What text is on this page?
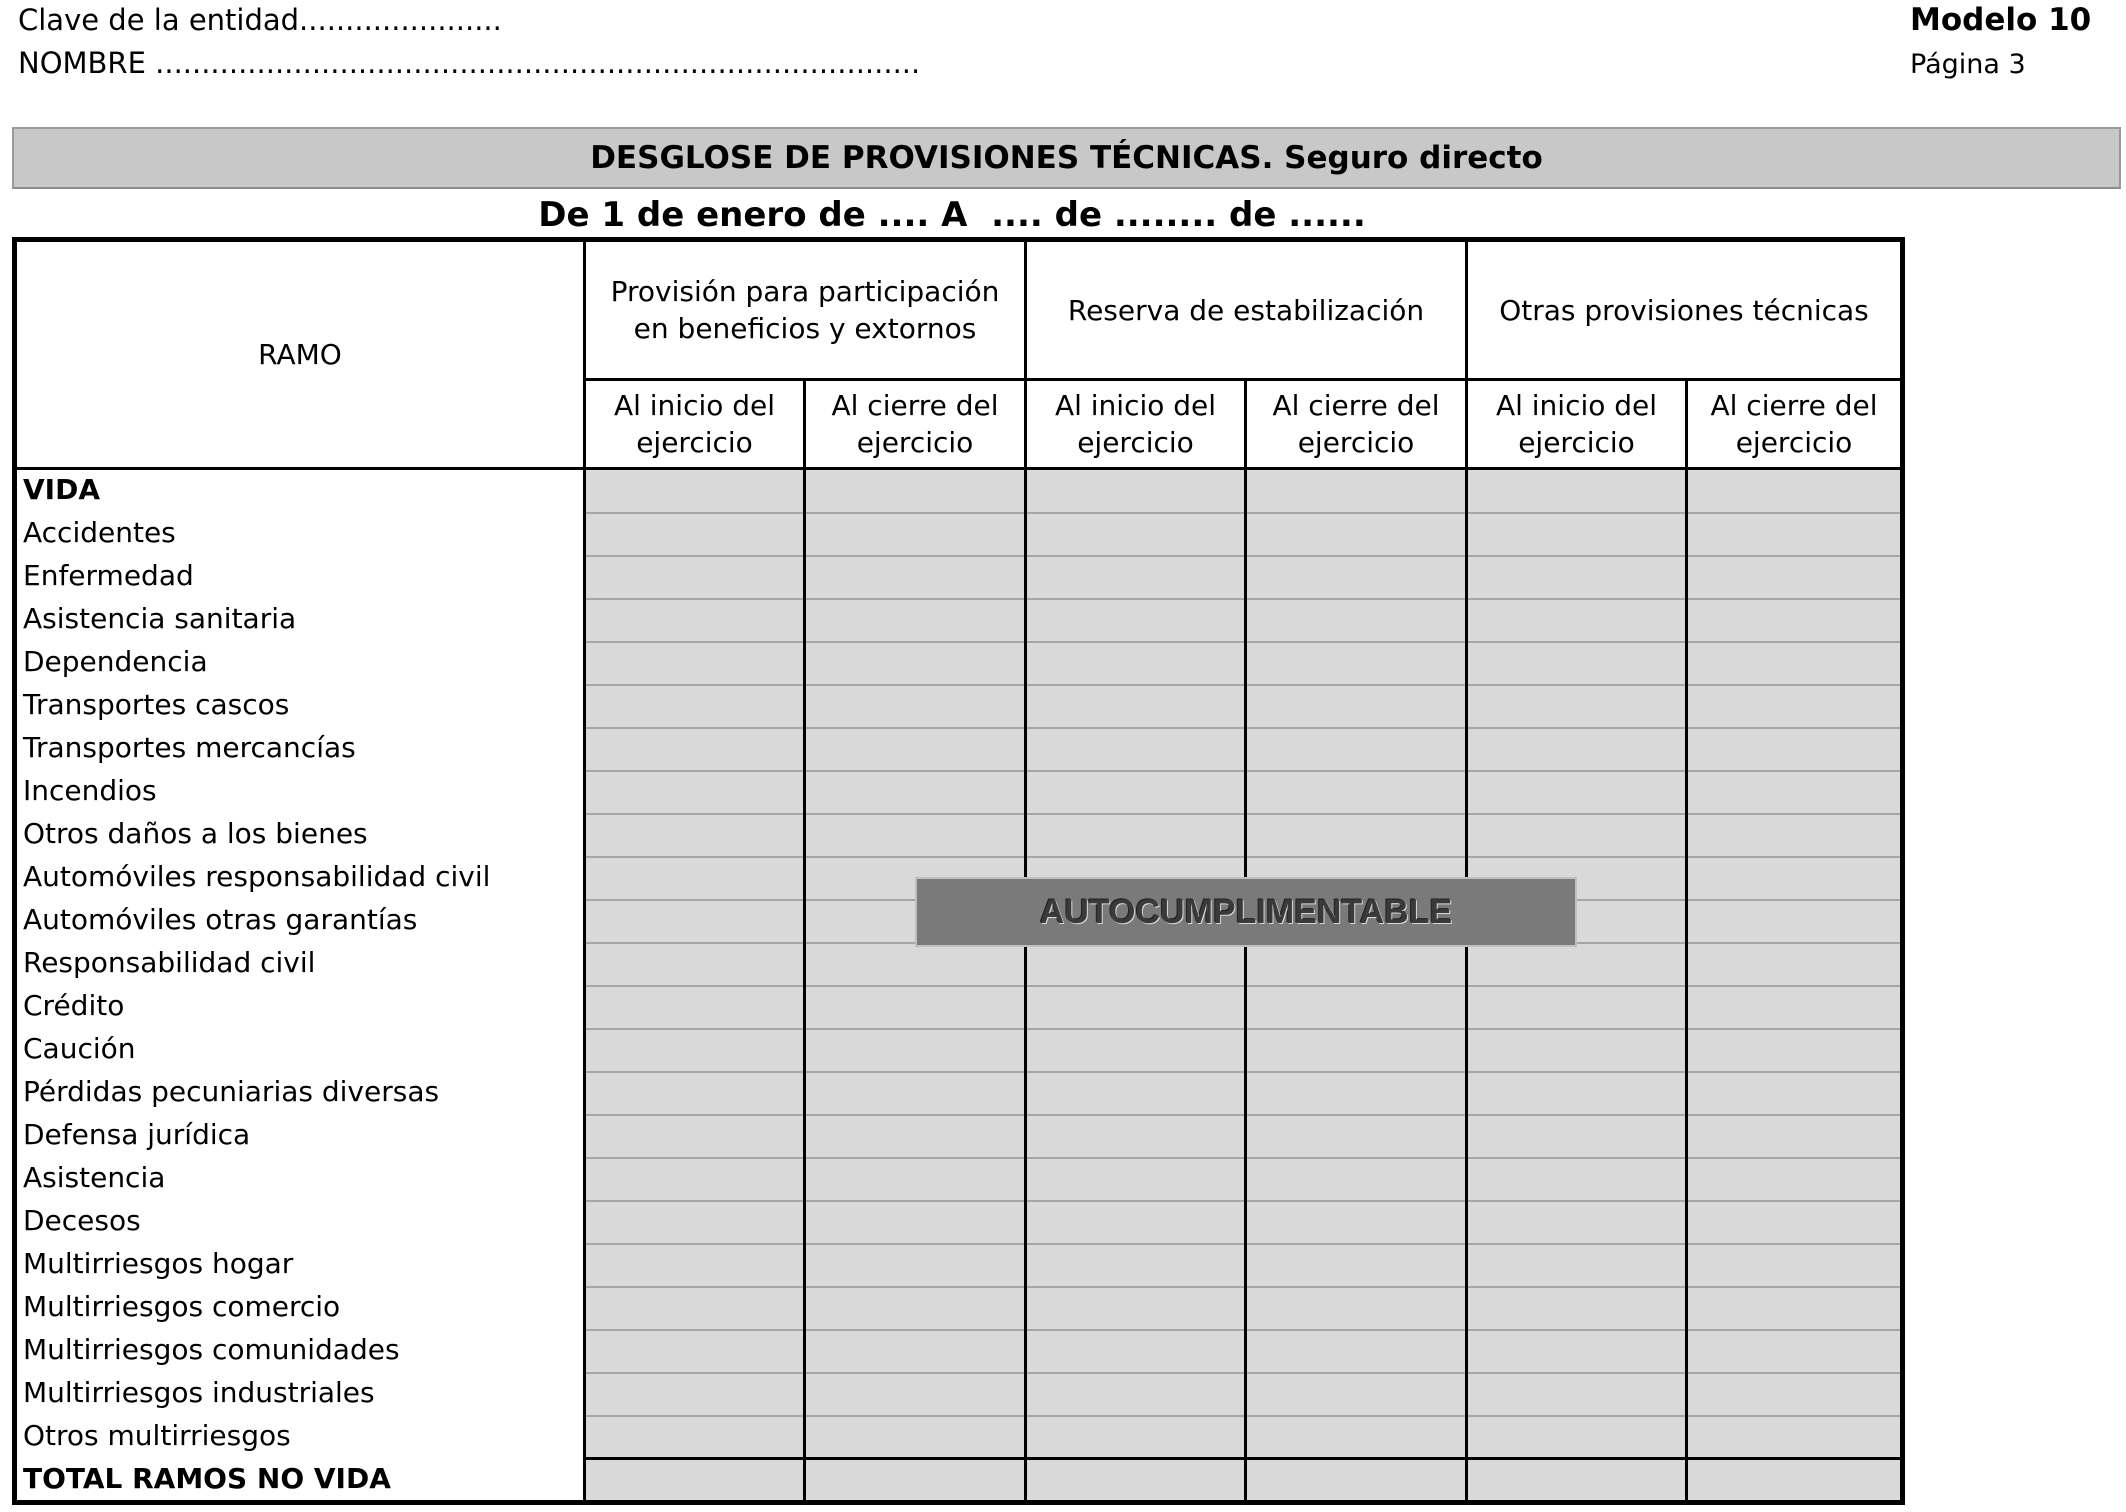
Clave de la entidad......................
NOMBRE ...................................................................................
Modelo 10
Página 3
DESGLOSE DE PROVISIONES TÉCNICAS. Seguro directo
De 1 de enero de .... A  .... de ........ de ......
RAMO
Provisión para participación en beneficios y extornos
Reserva de estabilización	Otras provisiones técnicas
Al inicio del ejercicio
Al cierre del ejercicio
Al inicio del ejercicio
Al cierre del ejercicio
Al inicio del ejercicio
Al cierre del ejercicio
VIDA
Accidentes
Enfermedad
Asistencia sanitaria
Dependencia
Transportes cascos
Transportes mercancías
Incendios
Otros daños a los bienes
Automóviles responsabilidad civil
Automóviles otras garantías
Responsabilidad civil
Crédito
Caución
Pérdidas pecuniarias diversas
Defensa jurídica
Asistencia
Decesos
Multirriesgos hogar
Multirriesgos comercio
Multirriesgos comunidades
Multirriesgos industriales
Otros multirriesgos
TOTAL RAMOS NO VIDA
AUTOCUMPLIMENTABLE
